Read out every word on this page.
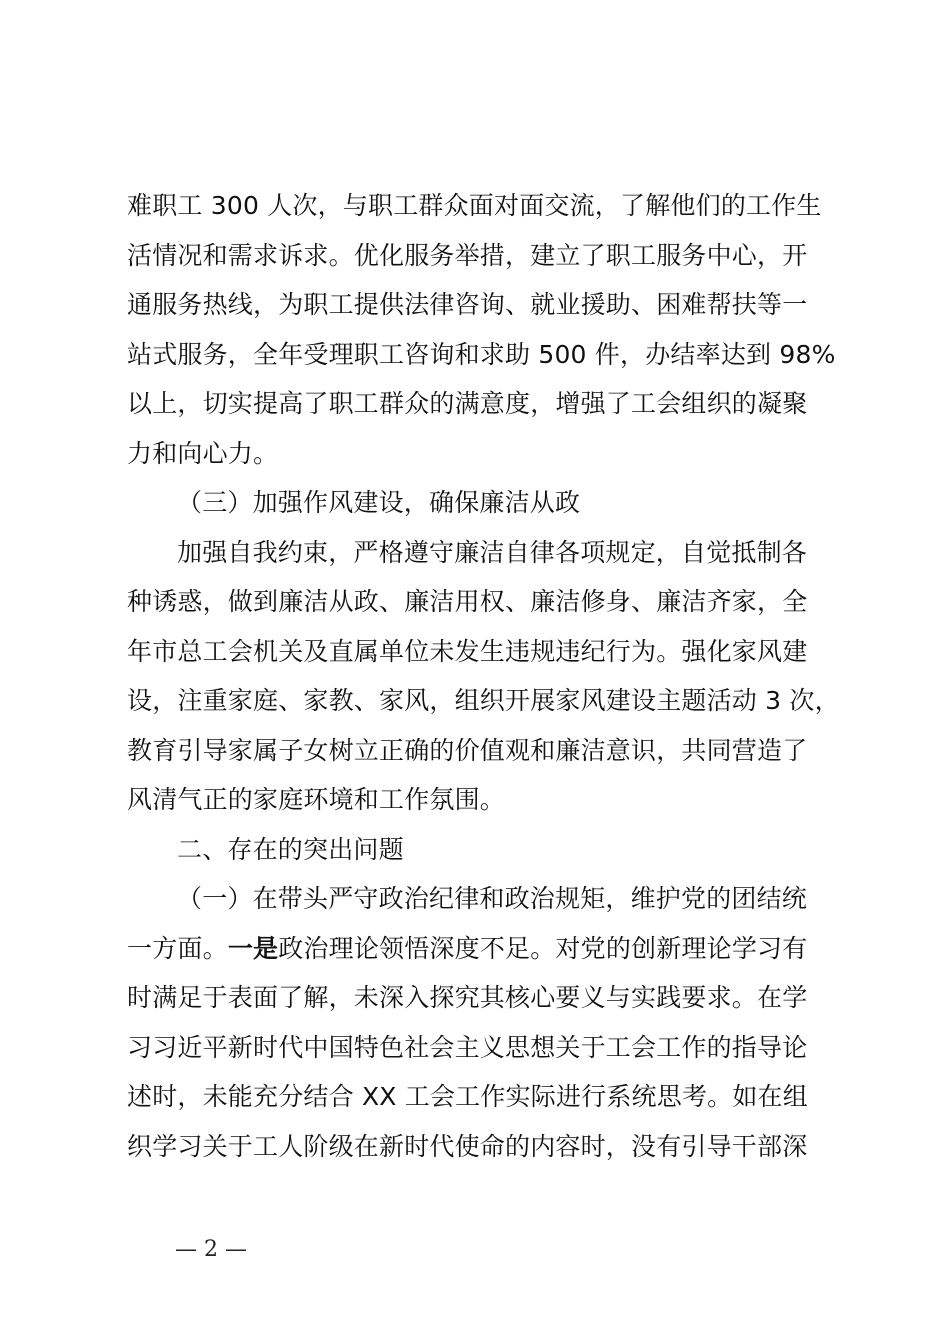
难职工 300 人次，与职工群众面对面交流，了解他们的工作生
活情况和需求诉求。优化服务举措，建立了职工服务中心，开
通服务热线，为职工提供法律咨询、就业援助、困难帮扶等一
站式服务，全年受理职工咨询和求助 500 件，办结率达到 98%
以上，切实提高了职工群众的满意度，增强了工会组织的凝聚
力和向心力。
（三）加强作风建设，确保廉洁从政
加强自我约束，严格遵守廉洁自律各项规定，自觉抵制各
种诱惑，做到廉洁从政、廉洁用权、廉洁修身、廉洁齐家，全
年市总工会机关及直属单位未发生违规违纪行为。强化家风建
设，注重家庭、家教、家风，组织开展家风建设主题活动 3 次，
教育引导家属子女树立正确的价值观和廉洁意识，共同营造了
风清气正的家庭环境和工作氛围。
二、存在的突出问题
（一）在带头严守政治纪律和政治规矩，维护党的团结统
一方面。一是政治理论领悟深度不足。对党的创新理论学习有
时满足于表面了解，未深入探究其核心要义与实践要求。在学
习习近平新时代中国特色社会主义思想关于工会工作的指导论
述时，未能充分结合 XX 工会工作实际进行系统思考。如在组
织学习关于工人阶级在新时代使命的内容时，没有引导干部深
— 2 —
